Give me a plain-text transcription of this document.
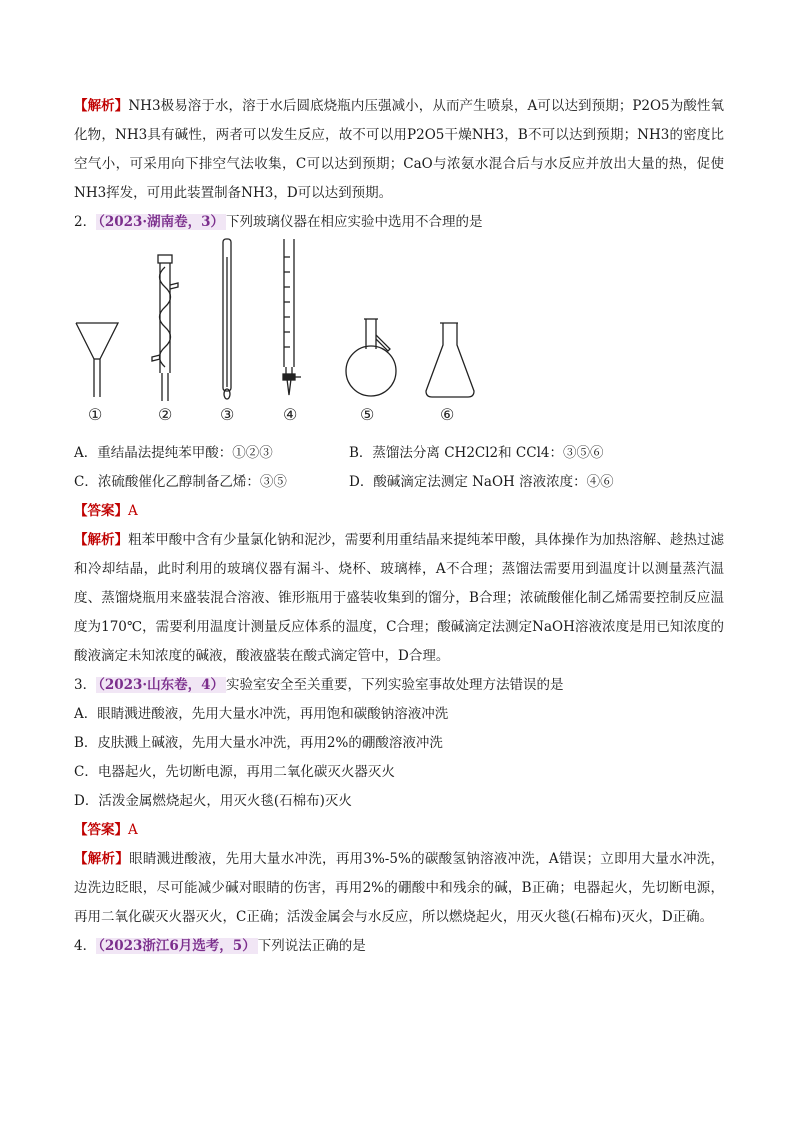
【解析】NH3极易溶于水，溶于水后圆底烧瓶内压强减小，从而产生喷泉，A可以达到预期；P2O5为酸性氧化物，NH3具有碱性，两者可以发生反应，故不可以用P2O5干燥NH3，B不可以达到预期；NH3的密度比空气小，可采用向下排空气法收集，C可以达到预期；CaO与浓氨水混合后与水反应并放出大量的热，促使NH3挥发，可用此装置制备NH3，D可以达到预期。

2． （2023·湖南卷，3） 下列玻璃仪器在相应实验中选用不合理的是

①	②	③	④	⑤	⑥
A．重结晶法提纯苯甲酸：①②③	B．蒸馏法分离 CH2Cl2和 CCl4：③⑤⑥
C．浓硫酸催化乙醇制备乙烯：③⑤	D．酸碱滴定法测定 NaOH 溶液浓度：④⑥

【答案】A

【解析】粗苯甲酸中含有少量氯化钠和泥沙，需要利用重结晶来提纯苯甲酸，具体操作为加热溶解、趁热过滤和冷却结晶，此时利用的玻璃仪器有漏斗、烧杯、玻璃棒，A不合理；蒸馏法需要用到温度计以测量蒸汽温度、蒸馏烧瓶用来盛装混合溶液、锥形瓶用于盛装收集到的馏分，B合理；浓硫酸催化制乙烯需要控制反应温度为170℃，需要利用温度计测量反应体系的温度，C合理；酸碱滴定法测定NaOH溶液浓度是用已知浓度的酸液滴定未知浓度的碱液，酸液盛装在酸式滴定管中，D合理。

3． （2023·山东卷，4） 实验室安全至关重要，下列实验室事故处理方法错误的是

A．眼睛溅进酸液，先用大量水冲洗，再用饱和碳酸钠溶液冲洗

B．皮肤溅上碱液，先用大量水冲洗，再用2%的硼酸溶液冲洗

C．电器起火，先切断电源，再用二氧化碳灭火器灭火

D．活泼金属燃烧起火，用灭火毯(石棉布)灭火

【答案】A

【解析】眼睛溅进酸液，先用大量水冲洗，再用3%-5%的碳酸氢钠溶液冲洗，A错误；立即用大量水冲洗，边洗边眨眼，尽可能减少碱对眼睛的伤害，再用2%的硼酸中和残余的碱，B正确；电器起火，先切断电源，再用二氧化碳灭火器灭火，C正确；活泼金属会与水反应，所以燃烧起火，用灭火毯(石棉布)灭火，D正确。

4． （2023浙江6月选考，5） 下列说法正确的是
